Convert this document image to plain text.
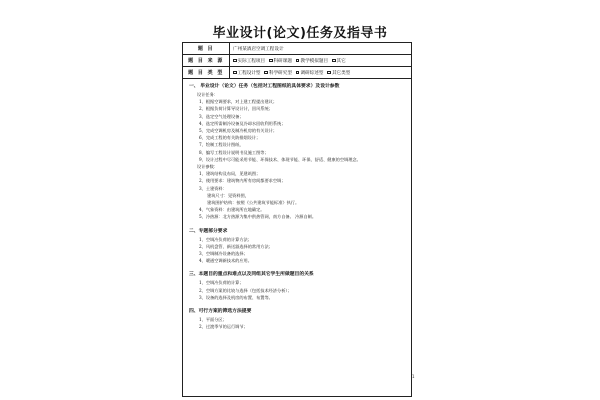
毕业设计(论文)任务及指导书
题 目	广州某酒店空调工程设计
题 目 来 源	实际工程项目 科研课题 教学模拟题目 其它
题 目 类 型	工程设计型 科学研究型 调研综述型 其它类型
一、 毕业设计（论文）任务（包括对工程图纸的具体要求）及设计参数
设计任务：
1、根据空调要求，对上建工程提出建议；
2、根据负荷计算导设计计，回风系统；
3、选定空气处理设备；
4、选定所需制冷设备及冷却水回收利用系统；
5、完成空调机房及制冷机房的有关设计；
6、完成工程的有关防排烟设计；
7、绘制工程设计图纸，
8、编写工程设计说明书及施工图等；
9、设计过程中尽可能采用节能、环保技术、体现节能、环保、舒适、健康的空调理念。
设计参数：
1、建筑结构及布局，见建筑图；
2、使用要求：建筑物内所有房间都要求空调；
3、土建资料：
建筑尺寸：见资料图，
建筑围护结构：按照《公共建筑节能标准》执行。
4、气象资料：由建筑所在地确定。
5、冷热源：北方热源为集中供热管网，南方自备。 冷源自制。
二、专题部分要求
1、空调冷负荷的计算方法；
2、风机盘管、新送器选择的常用方法；
3、空调制冷设备的选择；
4、暖通空调新技术的应用。
三、本题目的重点和难点以及同组其它学生所做题目的关系
1、空调冷负荷的计算；
2、空调方案的比较与选择（包括技术经济分析）；
3、设备的选择及机房的布置、布置等。
四、可行方案的筛选方法提要
1、平面分区；
2、过渡季节的运行调节；
1
